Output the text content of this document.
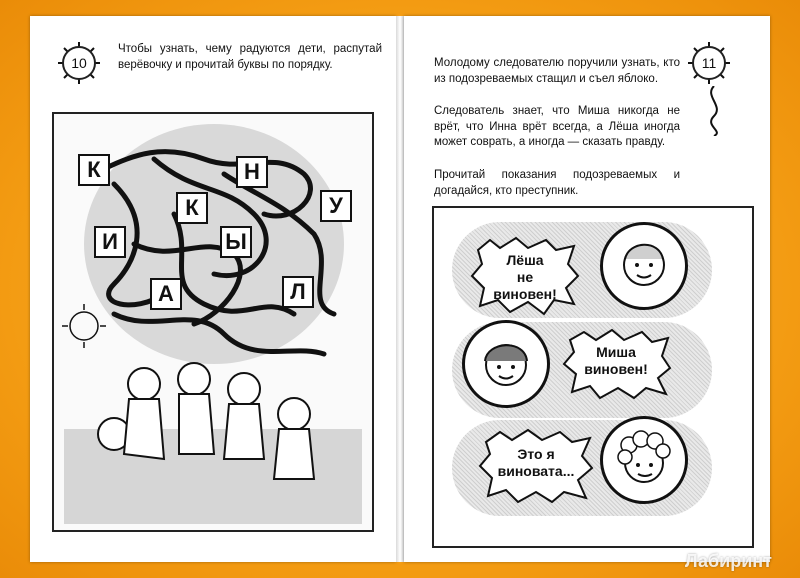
10
Чтобы узнать, чему радуются дети, распутай верёвочку и прочитай буквы по порядку.
К
К
Н
У
И	Ы
А	Л
11
Молодому следователю поручили узнать, кто из подозреваемых стащил и съел яблоко.
Следователь знает, что Миша никогда не врёт, что Инна врёт всегда, а Лёша иногда может соврать, а иногда — сказать правду.
Прочитай показания подозреваемых и догадайся, кто преступник.
Лёша
не
виновен!
Миша
виновен!
Это я
виновата...
Лабиринт
